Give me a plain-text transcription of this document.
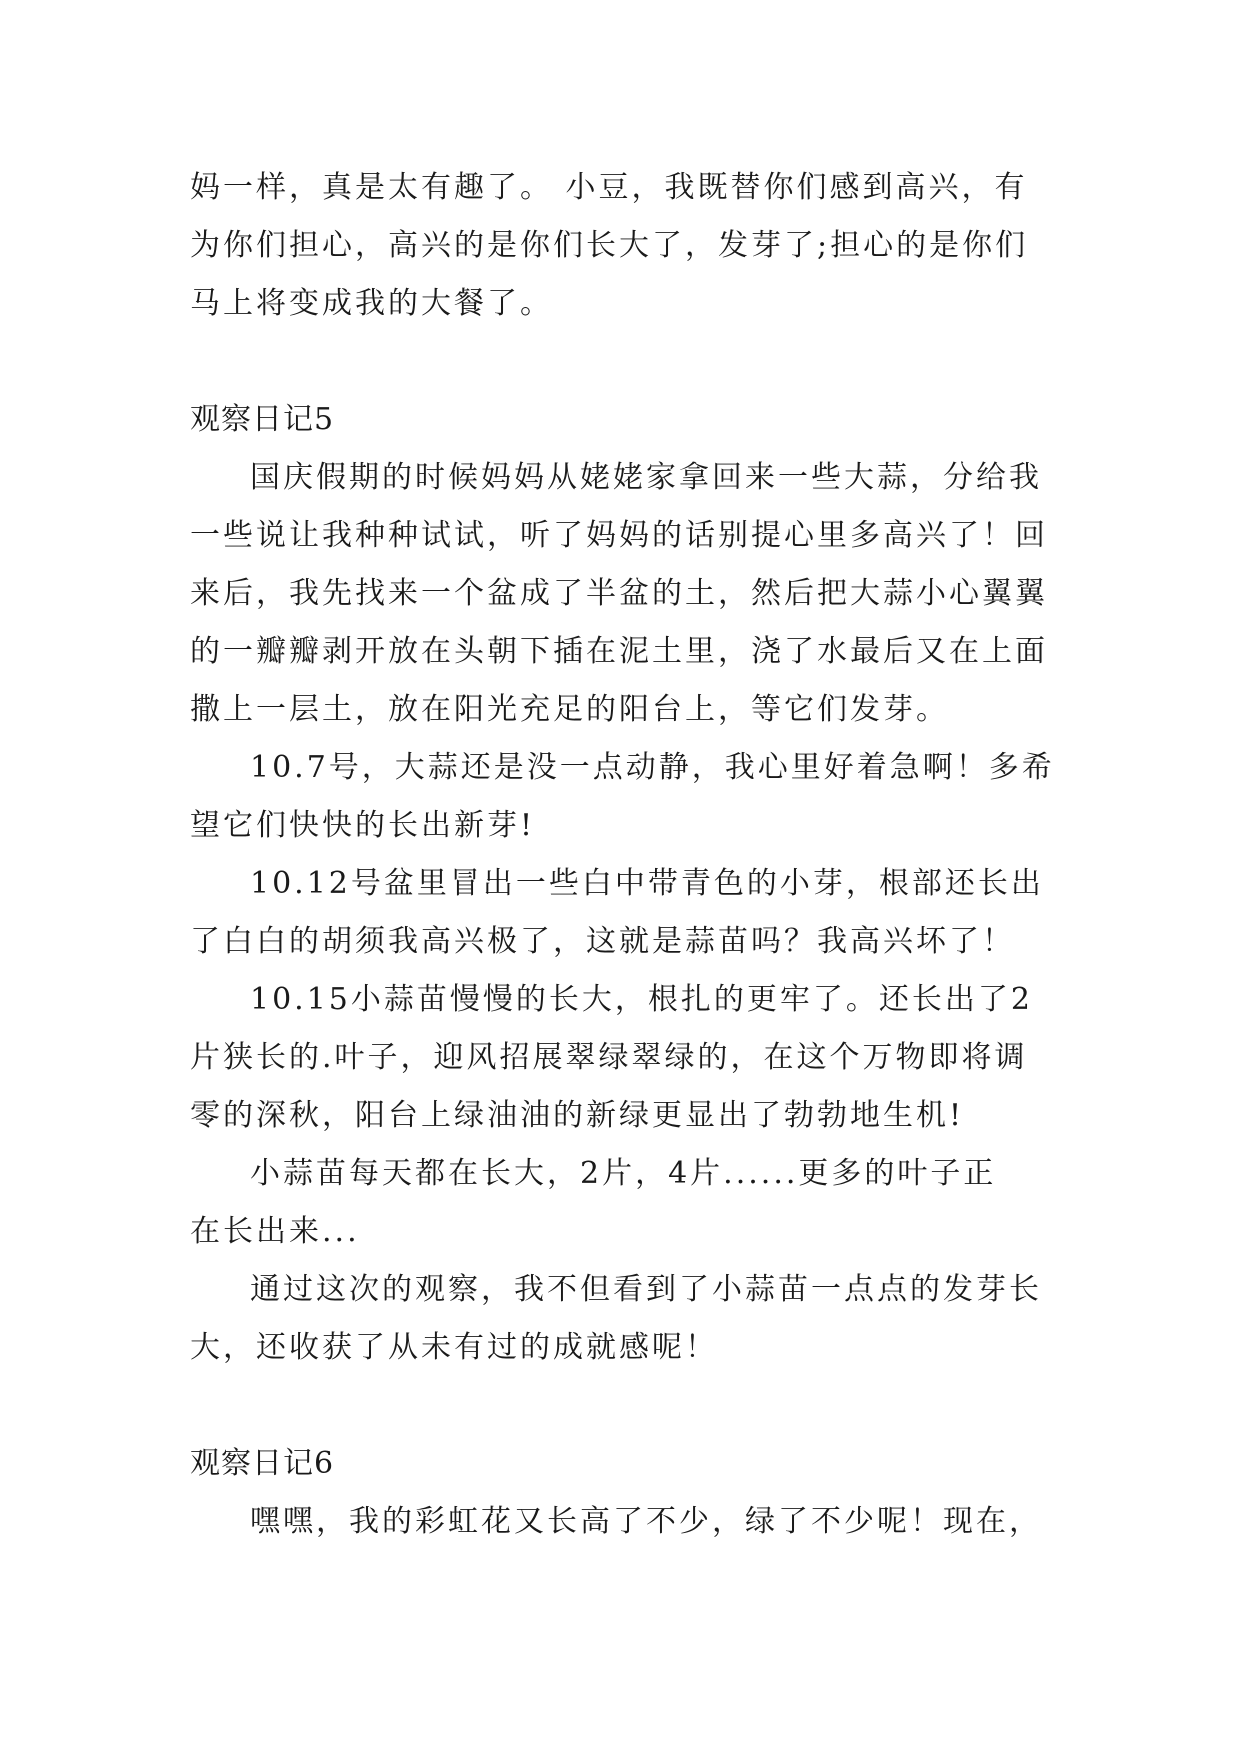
妈一样，真是太有趣了。 小豆，我既替你们感到高兴，有
为你们担心，高兴的是你们长大了，发芽了;担心的是你们
马上将变成我的大餐了。
观察日记5
国庆假期的时候妈妈从姥姥家拿回来一些大蒜，分给我
一些说让我种种试试，听了妈妈的话别提心里多高兴了！回
来后，我先找来一个盆成了半盆的土，然后把大蒜小心翼翼
的一瓣瓣剥开放在头朝下插在泥土里，浇了水最后又在上面
撒上一层土，放在阳光充足的阳台上，等它们发芽。
10.7号，大蒜还是没一点动静，我心里好着急啊！多希
望它们快快的长出新芽!
10.12号盆里冒出一些白中带青色的小芽，根部还长出
了白白的胡须我高兴极了，这就是蒜苗吗？我高兴坏了！
10.15小蒜苗慢慢的长大，根扎的更牢了。还长出了2
片狭长的.叶子，迎风招展翠绿翠绿的，在这个万物即将调
零的深秋，阳台上绿油油的新绿更显出了勃勃地生机!
小蒜苗每天都在长大，2片，4片......更多的叶子正
在长出来...
通过这次的观察，我不但看到了小蒜苗一点点的发芽长
大，还收获了从未有过的成就感呢！
观察日记6
嘿嘿，我的彩虹花又长高了不少，绿了不少呢！现在，
